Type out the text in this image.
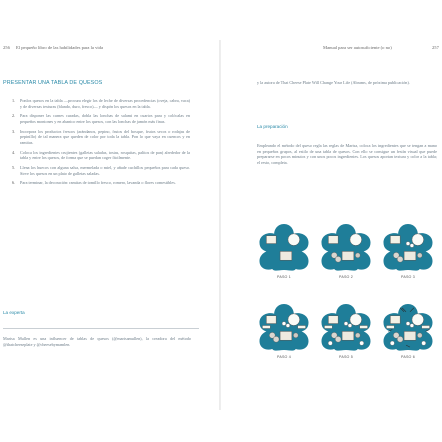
256 El pequeño libro de las habilidades para la vida
PRESENTAR UNA TABLA DE QUESOS
1. Ponlos quesos en la tabla —procura elegir los de leche de diversas procedencias (oveja, cabra, vaca) y de diversas texturas (blando, duro, fresco)— y dispón los quesos en la tabla.
2. Para disponer las carnes curadas, dobla las lonchas de salami en cuartos para y colócalas en pequeños montones y en abanico entre los quesos, con las lonchas de jamón más finas.
3. Incorpora los productos frescos (arándanos, pepino, frutos del bosque, frutos secos o rodajas de pepinillo) de tal manera que queden de color por toda la tabla. Pon lo que vaya en cuencos y en ramitas.
4. Coloca los ingredientes crujientes (galletas saladas, tostas, rosquitas, palitos de pan) alrededor de la tabla y entre los quesos, de forma que se puedan coger fácilmente.
5. Llena los huecos con alguna salsa, mermelada o miel, y añade cuchillos pequeños para cada queso. Sirve los quesos en un plato de galletas saladas.
6. Para terminar, la decoración: ramitas de tomillo fresco, romero, lavanda o flores comestibles.
La experta
Marisa Mullen es una influencer de tablas de quesos (@marisamullen), la creadora del método @thatcheeseplate y @cheesebymamlen.
Manual para ser autosuficiente (o no)	257
y la autora de That Cheese Plate Will Change Your Life (Abrams, de próxima publicación).
La preparación
Empleando el método del queso regla las reglas de Marisa, coloca los ingredientes que se tengan a mano en pequeños grupos, al estilo de una tabla de quesos. Con ello se consigue un festín visual que puede prepararse en pocos minutos y con unos pocos ingredientes. Los quesos aportan textura y color a la tabla; el resto, completa.
PASO 1	PASO 2	PASO 3
PASO 4	PASO 5	PASO 6
